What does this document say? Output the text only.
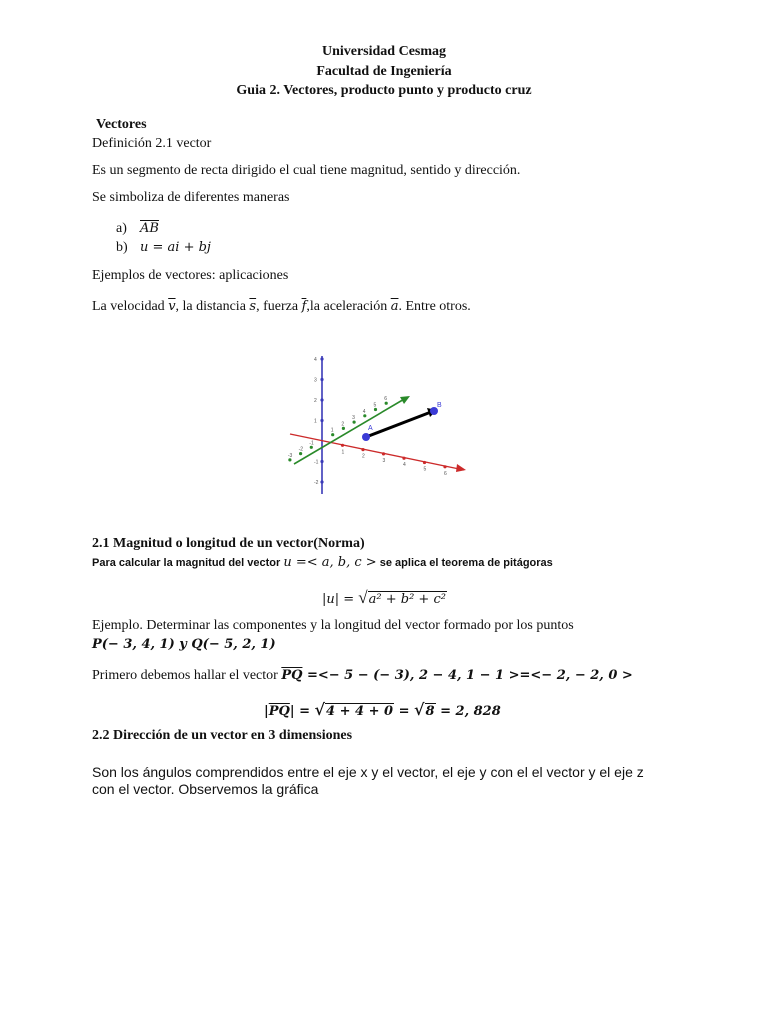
Universidad Cesmag
Facultad de Ingeniería
Guia 2. Vectores, producto punto y producto cruz
Vectores
Definición 2.1 vector
Es un segmento de recta dirigido el cual tiene magnitud, sentido y dirección.
Se simboliza de diferentes maneras
a) $\overline{AB}$
b) u = ai + bj
Ejemplos de vectores: aplicaciones
La velocidad $\overline{v}$, la distancia $\overline{s}$, fuerza $\overline{f},la$ aceleración $\overline{a}$. Entre otros.
4
3
2
1
-1
-2
-3
-2
-1
1
2
3
4
5
6
1
2
3
4
5
6
A
B
2.1 Magnitud o longitud de un vector(Norma)
Para calcular la magnitud del vector u =< a, b, c > se aplica el teorema de pitágoras
|u| = √a² + b² + c²
Ejemplo. Determinar las componentes y la longitud del vector formado por los puntos
P(− 3, 4, 1) y Q(− 5, 2, 1)
Primero debemos hallar el vector $\overline{PQ}$ =<− 5 − (− 3), 2 − 4, 1 − 1 >=<− 2, − 2, 0 >
$|\overline{PQ}| = √4 + 4 + 0 = √8 = 2$, 828
2.2 Dirección de un vector en 3 dimensiones
Son los ángulos comprendidos entre el eje x y el vector, el eje y con el el vector y el eje z
con el vector. Observemos la gráfica
